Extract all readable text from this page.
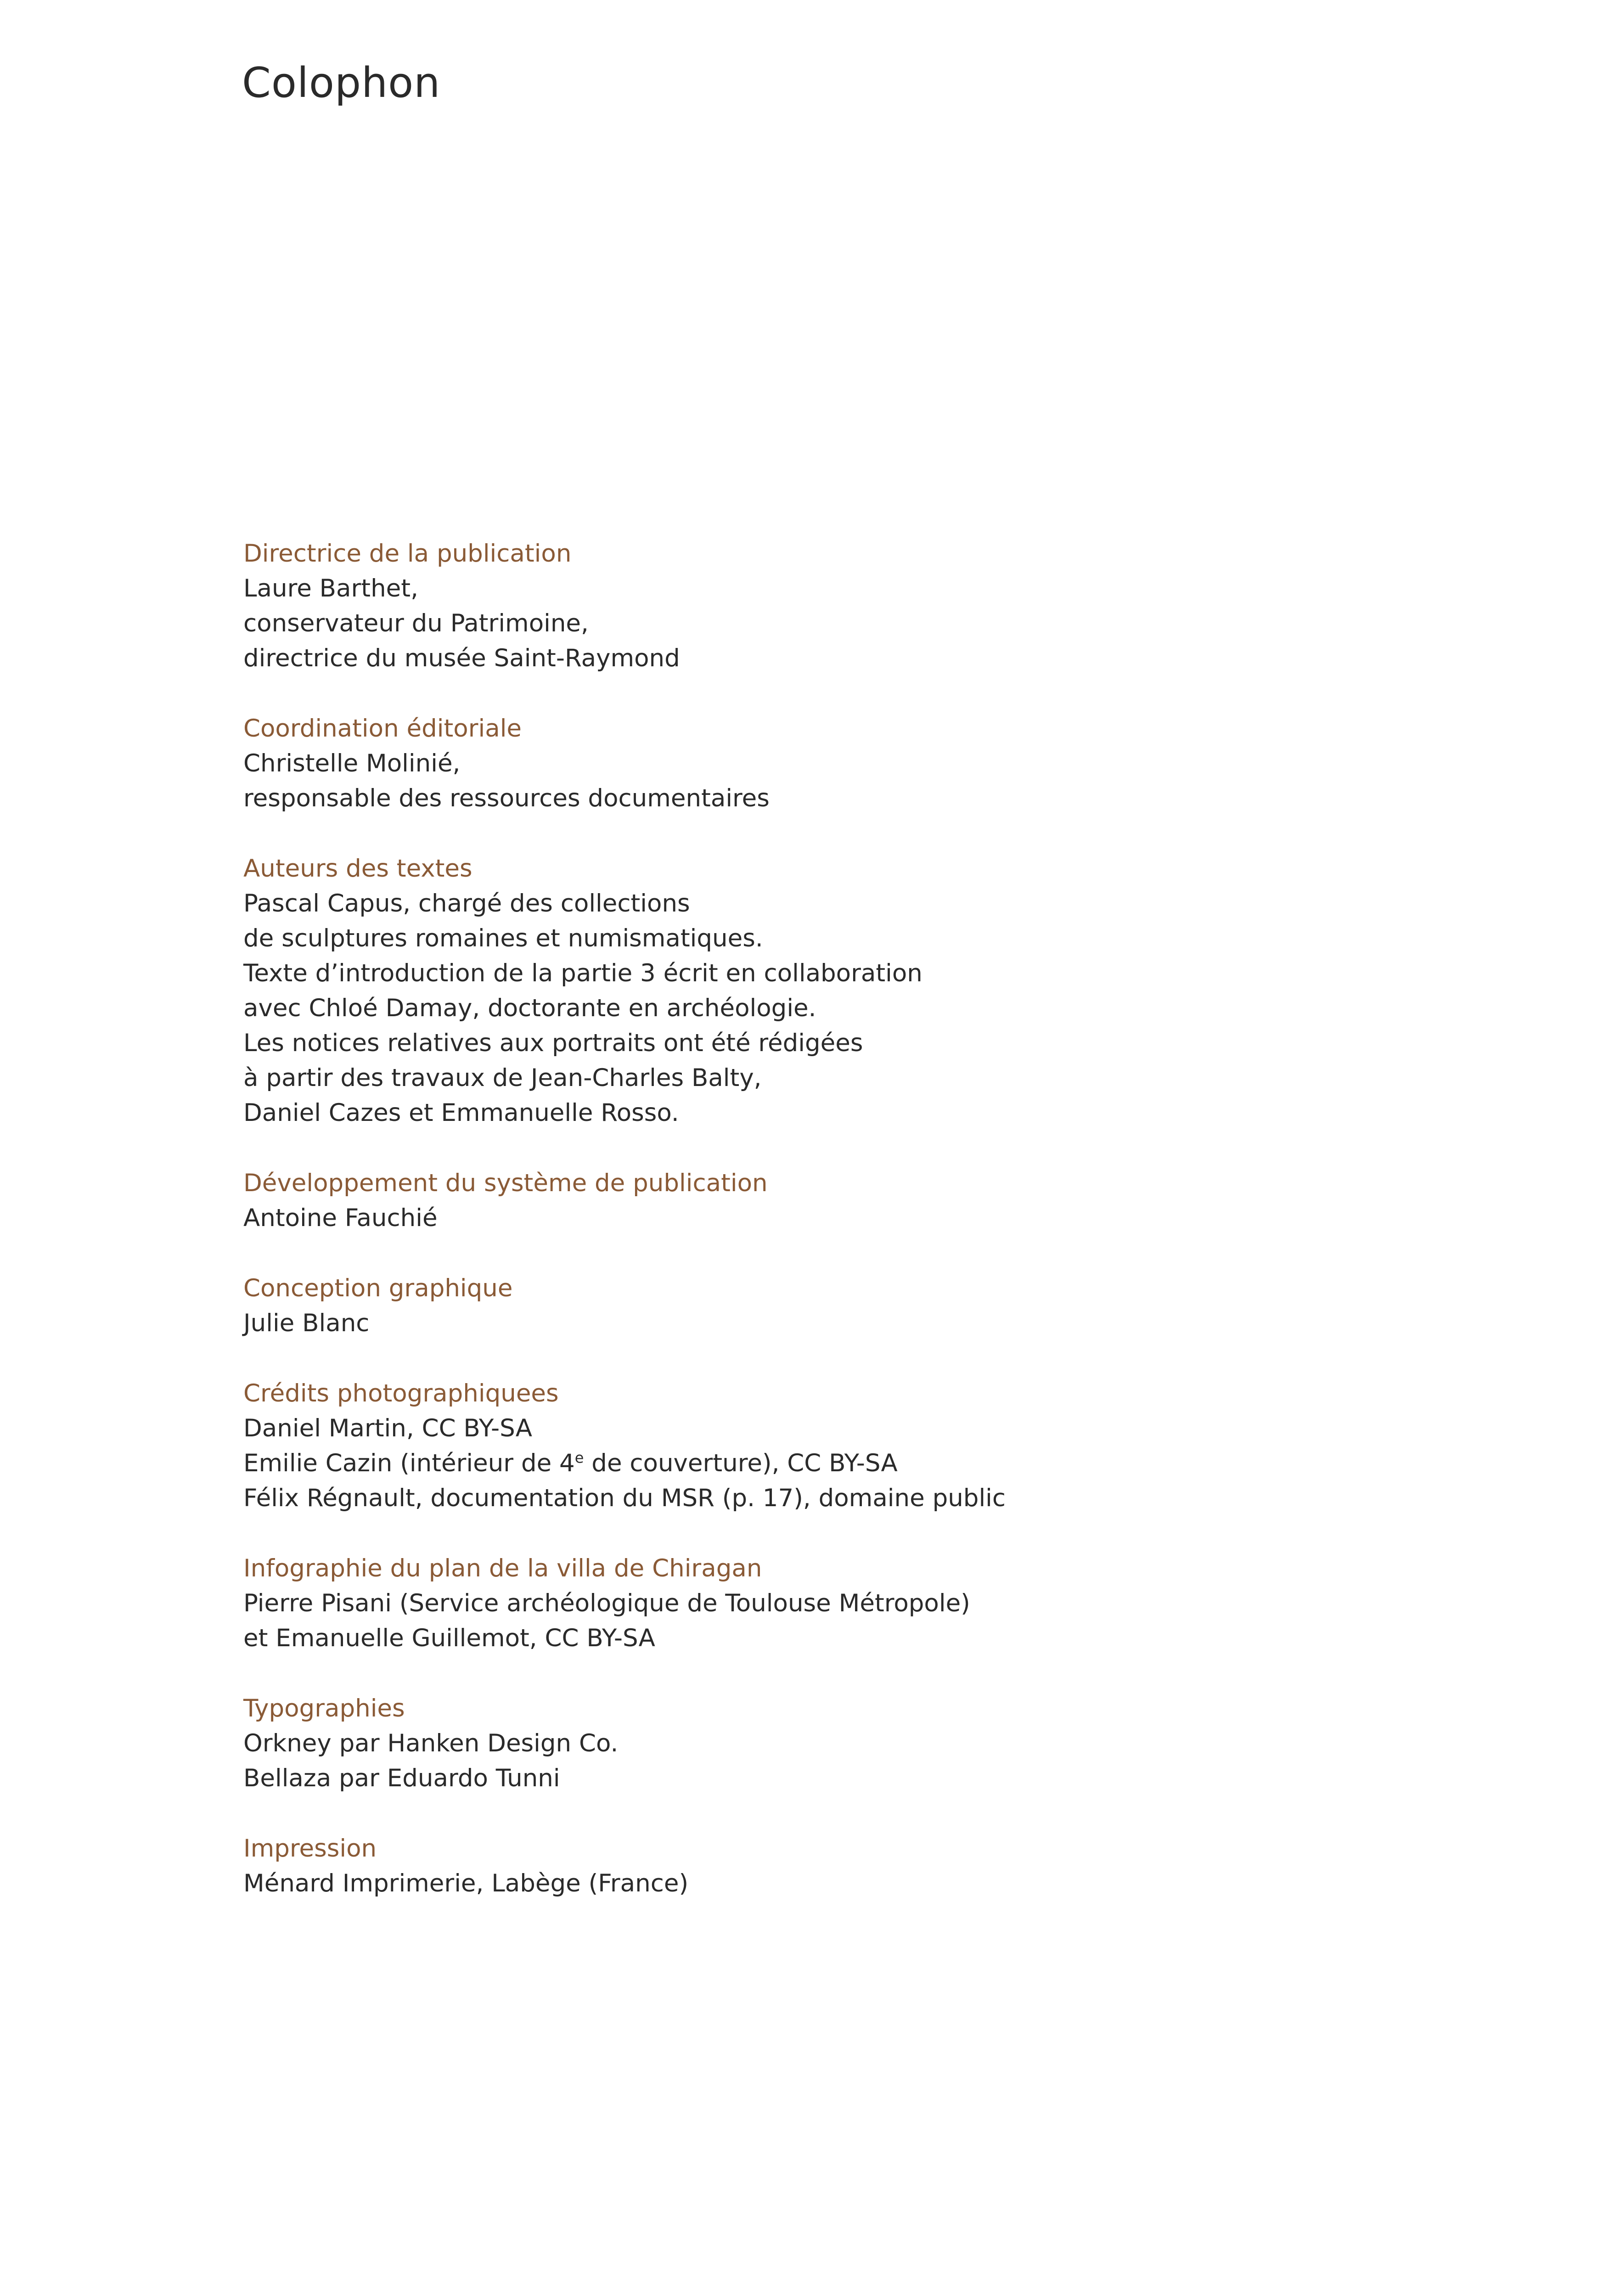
Colophon
Directrice de la publication
Laure Barthet,
conservateur du Patrimoine,
directrice du musée Saint-Raymond
Coordination éditoriale
Christelle Molinié,
responsable des ressources documentaires
Auteurs des textes
Pascal Capus, chargé des collections
de sculptures romaines et numismatiques.
Texte d’introduction de la partie 3 écrit en collaboration
avec Chloé Damay, doctorante en archéologie.
Les notices relatives aux portraits ont été rédigées
à partir des travaux de Jean-Charles Balty,
Daniel Cazes et Emmanuelle Rosso.
Développement du système de publication
Antoine Fauchié
Conception graphique
Julie Blanc
Crédits photographiquees
Daniel Martin, CC BY-SA
Emilie Cazin (intérieur de 4e de couverture), CC BY-SA
Félix Régnault, documentation du MSR (p. 17), domaine public
Infographie du plan de la villa de Chiragan
Pierre Pisani (Service archéologique de Toulouse Métropole)
et Emanuelle Guillemot, CC BY-SA
Typographies
Orkney par Hanken Design Co.
Bellaza par Eduardo Tunni
Impression
Ménard Imprimerie, Labège (France)
